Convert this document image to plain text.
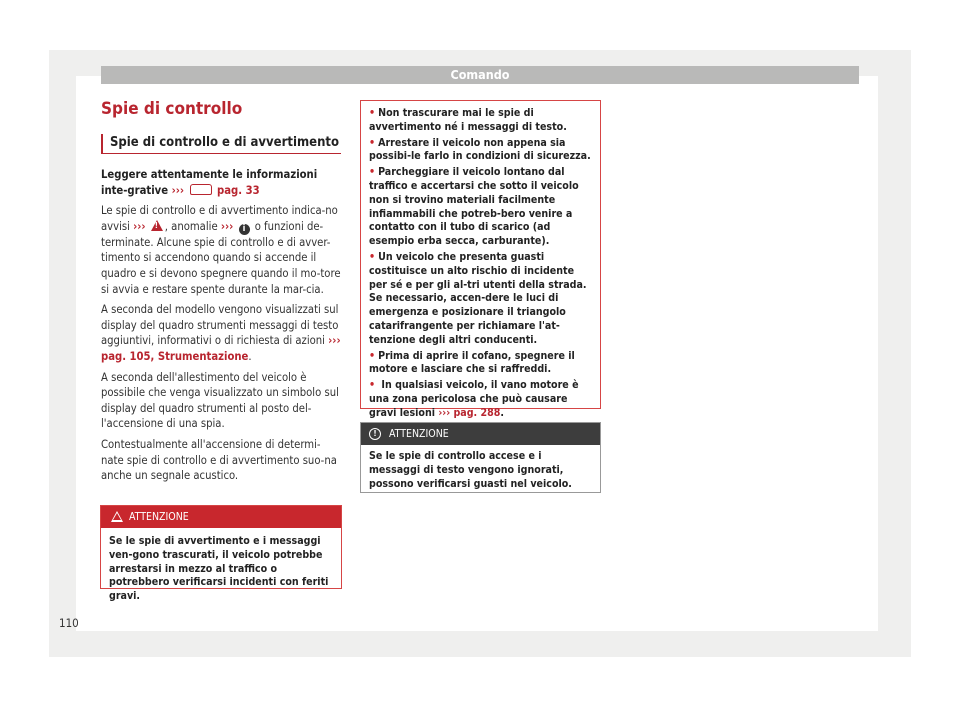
Comando
Spie di controllo
Spie di controllo e di avvertimento

Leggere attentamente le informazioni inte-grative ›››	pag. 33

Le spie di controllo e di avvertimento indica-no avvisi ››› ! , anomalie ››› i o funzioni de-terminate. Alcune spie di controllo e di avver-timento si accendono quando si accende il quadro e si devono spegnere quando il mo-tore si avvia e restare spente durante la mar-cia.

A seconda del modello vengono visualizzati sul display del quadro strumenti messaggi di testo aggiuntivi, informativi o di richiesta di azioni ››› pag. 105, Strumentazione.

A seconda dell'allestimento del veicolo è possibile che venga visualizzato un simbolo sul display del quadro strumenti al posto del-l'accensione di una spia.

Contestualmente all'accensione di determi-nate spie di controllo e di avvertimento suo-na anche un segnale acustico.

ATTENZIONE
Se le spie di avvertimento e i messaggi ven-gono trascurati, il veicolo potrebbe arrestarsi in mezzo al traffico o potrebbero verificarsi incidenti con feriti gravi.
• Non trascurare mai le spie di avvertimento né i messaggi di testo.
• Arrestare il veicolo non appena sia possibi-le farlo in condizioni di sicurezza.
• Parcheggiare il veicolo lontano dal traffico e accertarsi che sotto il veicolo non si trovino materiali facilmente infiammabili che potreb-bero venire a contatto con il tubo di scarico (ad esempio erba secca, carburante).
• Un veicolo che presenta guasti costituisce un alto rischio di incidente per sé e per gli al-tri utenti della strada. Se necessario, accen-dere le luci di emergenza e posizionare il triangolo catarifrangente per richiamare l'at-tenzione degli altri conducenti.
• Prima di aprire il cofano, spegnere il motore e lasciare che si raffreddi.
• In qualsiasi veicolo, il vano motore è una zona pericolosa che può causare gravi lesioni ››› pag. 288.
!	ATTENZIONE
Se le spie di controllo accese e i messaggi di testo vengono ignorati, possono verificarsi guasti nel veicolo.
110
